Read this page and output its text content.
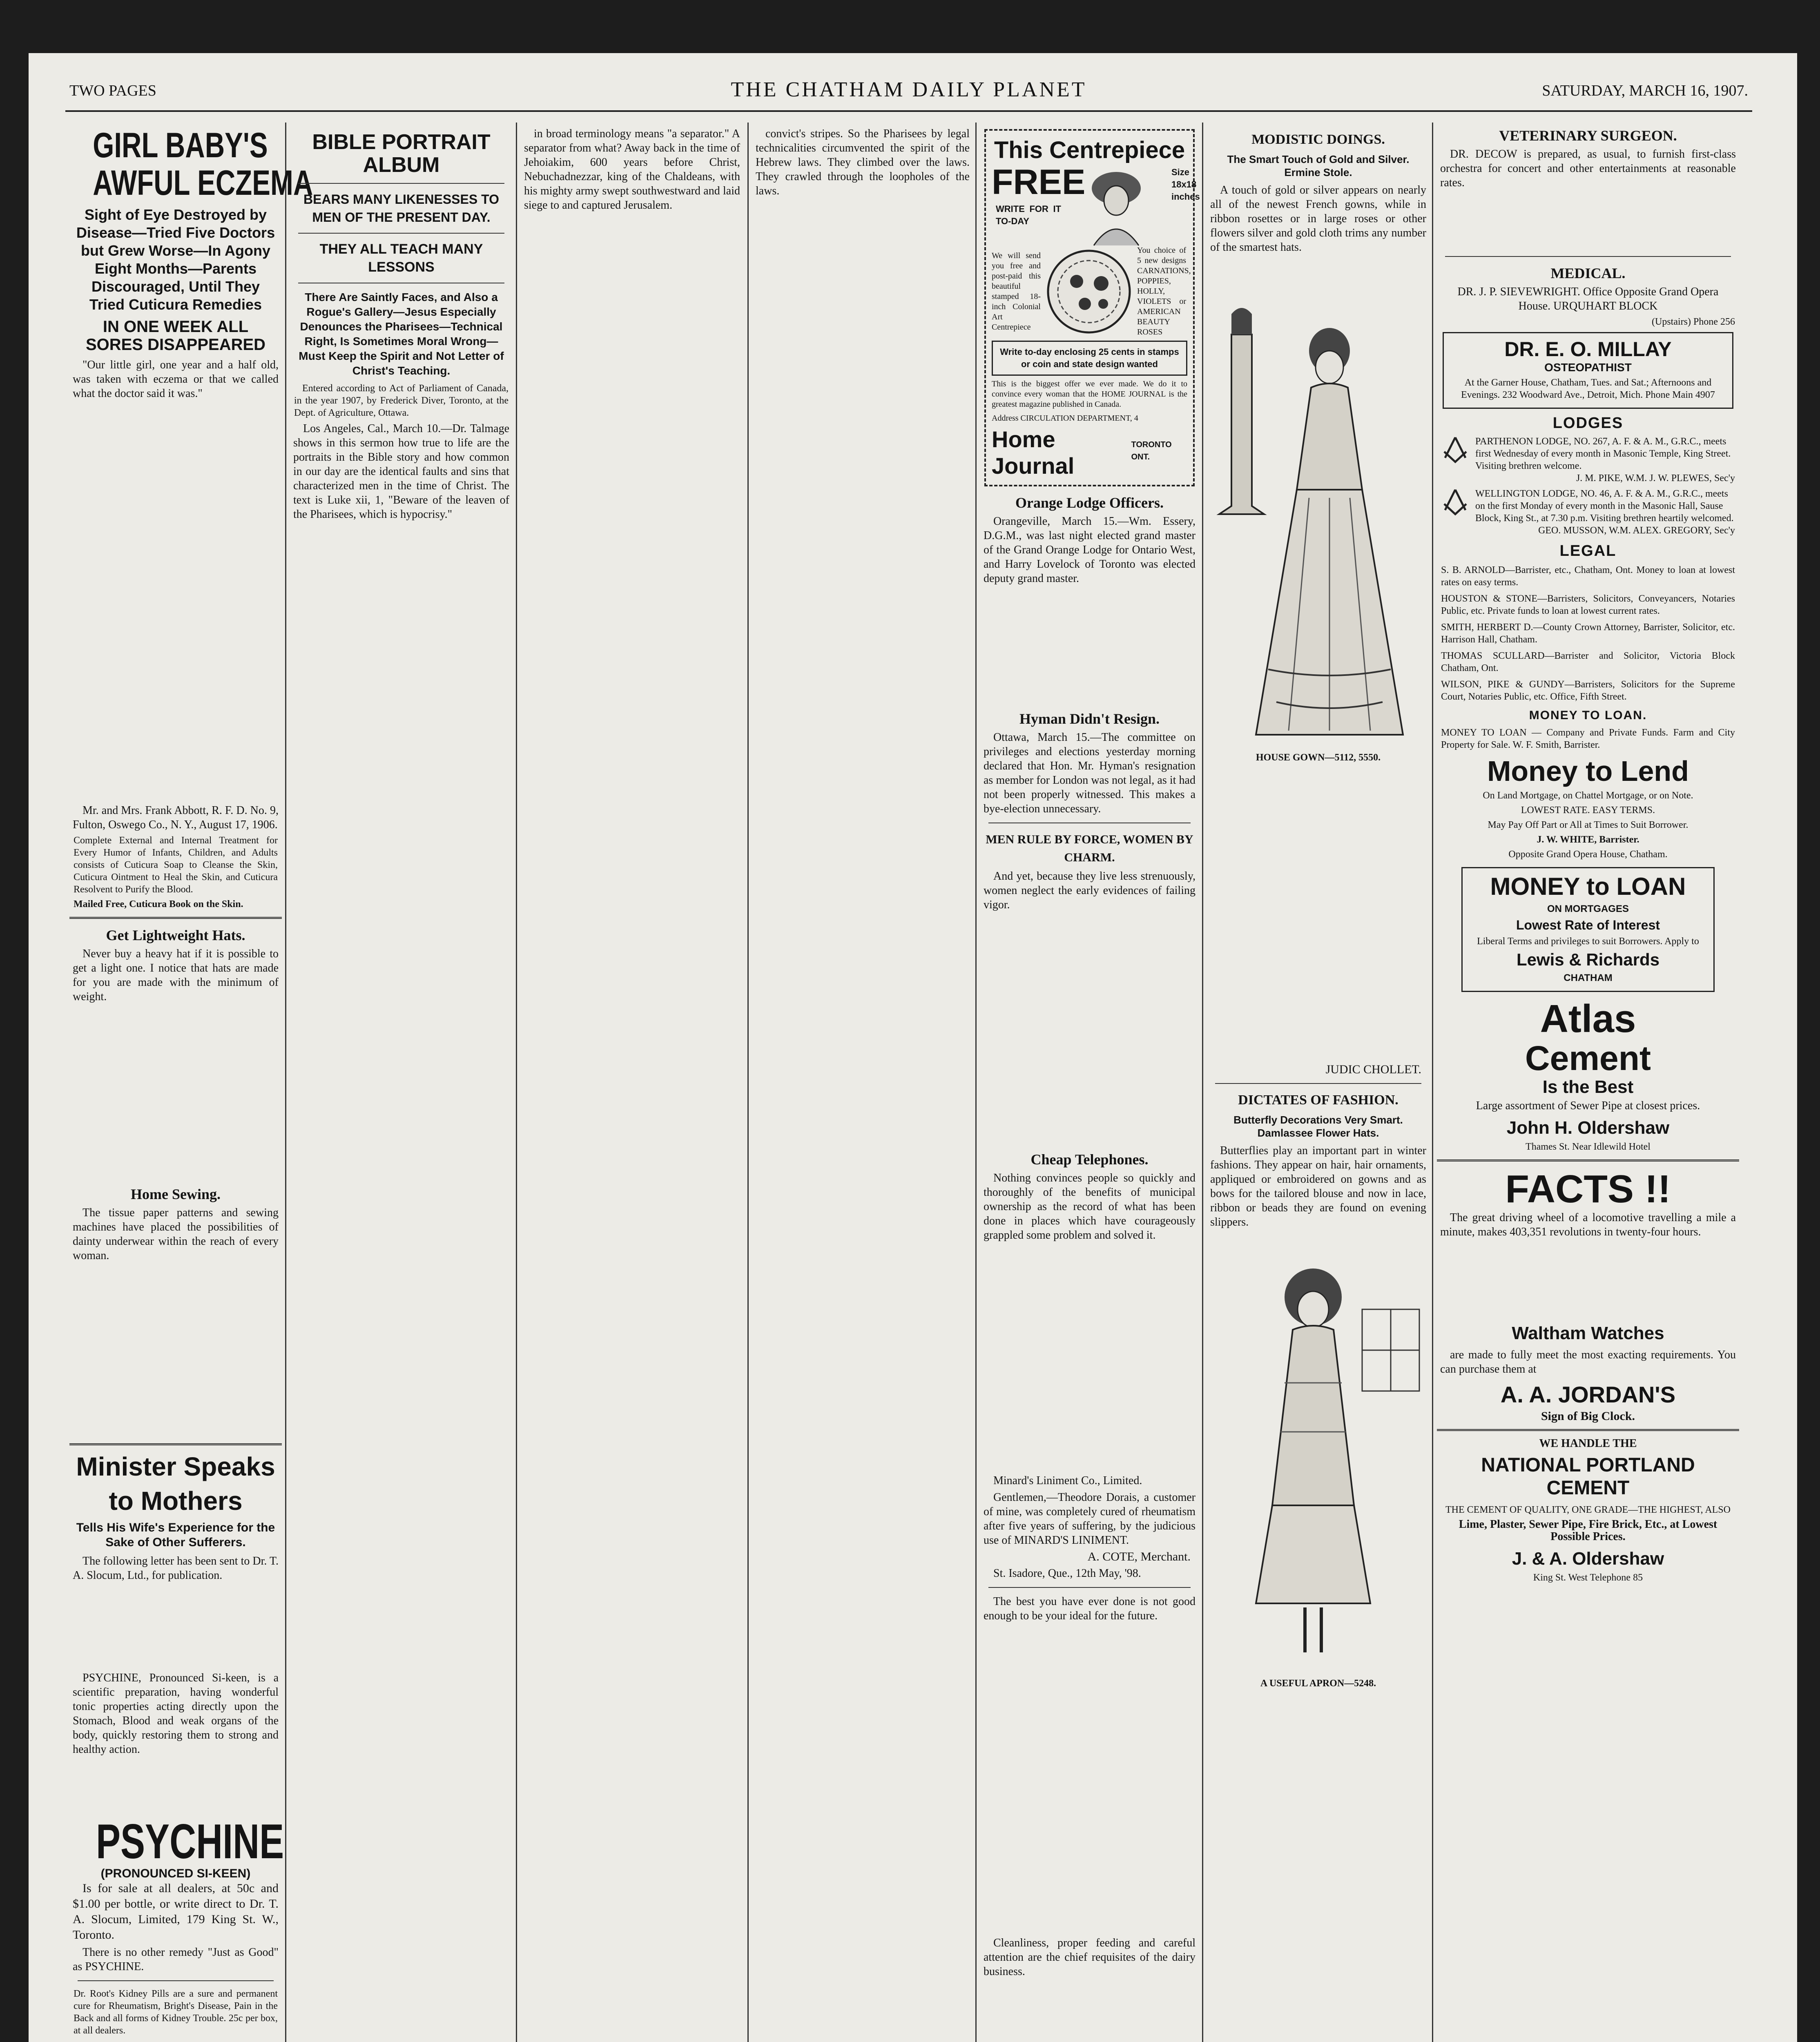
TWO PAGES	THE CHATHAM DAILY PLANET	SATURDAY, MARCH 16, 1907.
GIRL BABY'S
AWFUL ECZEMA
Sight of Eye Destroyed by Disease—Tried Five Doctors but Grew Worse—In Agony Eight Months—Parents Discouraged, Until They Tried Cuticura Remedies
IN ONE WEEK ALL SORES DISAPPEARED

"Our little girl, one year and a half old, was taken with eczema or that we called what the doctor said it was."

Mr. and Mrs. Frank Abbott, R. F. D. No. 9, Fulton, Oswego Co., N. Y., August 17, 1906.

Complete External and Internal Treatment for Every Humor of Infants, Children, and Adults consists of Cuticura Soap to Cleanse the Skin, Cuticura Ointment to Heal the Skin, and Cuticura Resolvent to Purify the Blood.

Mailed Free, Cuticura Book on the Skin.

Get Lightweight Hats.

Never buy a heavy hat if it is possible to get a light one. I notice that hats are made for you are made with the minimum of weight.

Home Sewing.

The tissue paper patterns and sewing machines have placed the possibilities of dainty underwear within the reach of every woman.

Minister Speaks
to Mothers
Tells His Wife's Experience for the Sake of Other Sufferers.

The following letter has been sent to Dr. T. A. Slocum, Ltd., for publication.

PSYCHINE, Pronounced Si-keen, is a scientific preparation, having wonderful tonic properties acting directly upon the Stomach, Blood and weak organs of the body, quickly restoring them to strong and healthy action.

PSYCHINE
(PRONOUNCED SI-KEEN)

Is for sale at all dealers, at 50c and $1.00 per bottle, or write direct to Dr. T. A. Slocum, Limited, 179 King St. W., Toronto.

There is no other remedy "Just as Good" as PSYCHINE.

Dr. Root's Kidney Pills are a sure and permanent cure for Rheumatism, Bright's Disease, Pain in the Back and all forms of Kidney Trouble. 25c per box, at all dealers.

BIBLE PORTRAIT ALBUM
BEARS MANY LIKENESSES TO MEN OF THE PRESENT DAY.
THEY ALL TEACH MANY LESSONS
There Are Saintly Faces, and Also a Rogue's Gallery—Jesus Especially Denounces the Pharisees—Technical Right, Is Sometimes Moral Wrong—Must Keep the Spirit and Not Letter of Christ's Teaching.

Entered according to Act of Parliament of Canada, in the year 1907, by Frederick Diver, Toronto, at the Dept. of Agriculture, Ottawa.

Los Angeles, Cal., March 10.—Dr. Talmage shows in this sermon how true to life are the portraits in the Bible story and how common in our day are the identical faults and sins that characterized men in the time of Christ. The text is Luke xii, 1, "Beware of the leaven of the Pharisees, which is hypocrisy."

in broad terminology means "a separator." A separator from what? Away back in the time of Jehoiakim, 600 years before Christ, Nebuchadnezzar, king of the Chaldeans, with his mighty army swept southwestward and laid siege to and captured Jerusalem.

convict's stripes. So the Pharisees by legal technicalities circumvented the spirit of the Hebrew laws. They climbed over the laws. They crawled through the loopholes of the laws.

This Centrepiece
FREE
WRITE FOR IT TO-DAY
Size 18x18 inches
We will send you free and post-paid this beautiful stamped 18-inch Colonial Art Centrepiece
You choice of 5 new designs CARNATIONS, POPPIES, HOLLY, VIOLETS or AMERICAN BEAUTY ROSES
Write to-day enclosing 25 cents in stamps or coin and state design wanted

This is the biggest offer we ever made. We do it to convince every woman that the HOME JOURNAL is the greatest magazine published in Canada.

Address CIRCULATION DEPARTMENT, 4
Home Journal
TORONTO ONT.
Orange Lodge Officers.

Orangeville, March 15.—Wm. Essery, D.G.M., was last night elected grand master of the Grand Orange Lodge for Ontario West, and Harry Lovelock of Toronto was elected deputy grand master.

Hyman Didn't Resign.

Ottawa, March 15.—The committee on privileges and elections yesterday morning declared that Hon. Mr. Hyman's resignation as member for London was not legal, as it had not been properly witnessed. This makes a bye-election unnecessary.

MEN RULE BY FORCE, WOMEN BY CHARM.

And yet, because they live less strenuously, women neglect the early evidences of failing vigor.

Cheap Telephones.

Nothing convinces people so quickly and thoroughly of the benefits of municipal ownership as the record of what has been done in places which have courageously grappled some problem and solved it.

Minard's Liniment Co., Limited.

Gentlemen,—Theodore Dorais, a customer of mine, was completely cured of rheumatism after five years of suffering, by the judicious use of MINARD'S LINIMENT.

A. COTE, Merchant.

St. Isadore, Que., 12th May, '98.

The best you have ever done is not good enough to be your ideal for the future.

Cleanliness, proper feeding and careful attention are the chief requisites of the dairy business.

MODISTIC DOINGS.
The Smart Touch of Gold and Silver. Ermine Stole.

A touch of gold or silver appears on nearly all of the newest French gowns, while in ribbon rosettes or in large roses or other flowers silver and gold cloth trims any number of the smartest hats.

HOUSE GOWN—5112, 5550.

JUDIC CHOLLET.

DICTATES OF FASHION.
Butterfly Decorations Very Smart. Damlassee Flower Hats.

Butterflies play an important part in winter fashions. They appear on hair, hair ornaments, appliqued or embroidered on gowns and as bows for the tailored blouse and now in lace, ribbon or beads they are found on evening slippers.

A USEFUL APRON—5248.

VETERINARY SURGEON.

DR. DECOW is prepared, as usual, to furnish first-class orchestra for concert and other entertainments at reasonable rates.

MEDICAL.

DR. J. P. SIEVEWRIGHT. Office Opposite Grand Opera House. URQUHART BLOCK

(Upstairs) Phone 256

DR. E. O. MILLAY
OSTEOPATHIST
At the Garner House, Chatham, Tues. and Sat.; Afternoons and Evenings. 232 Woodward Ave., Detroit, Mich. Phone Main 4907
LODGES
PARTHENON LODGE, NO. 267, A. F. & A. M., G.R.C., meets first Wednesday of every month in Masonic Temple, King Street. Visiting brethren welcome.
J. M. PIKE, W.M. J. W. PLEWES, Sec'y
WELLINGTON LODGE, NO. 46, A. F. & A. M., G.R.C., meets on the first Monday of every month in the Masonic Hall, Sause Block, King St., at 7.30 p.m. Visiting brethren heartily welcomed.
GEO. MUSSON, W.M. ALEX. GREGORY, Sec'y
LEGAL

S. B. ARNOLD—Barrister, etc., Chatham, Ont. Money to loan at lowest rates on easy terms.

HOUSTON & STONE—Barristers, Solicitors, Conveyancers, Notaries Public, etc. Private funds to loan at lowest current rates.

SMITH, HERBERT D.—County Crown Attorney, Barrister, Solicitor, etc. Harrison Hall, Chatham.

THOMAS SCULLARD—Barrister and Solicitor, Victoria Block Chatham, Ont.

WILSON, PIKE & GUNDY—Barristers, Solicitors for the Supreme Court, Notaries Public, etc. Office, Fifth Street.

MONEY TO LOAN.

MONEY TO LOAN — Company and Private Funds. Farm and City Property for Sale. W. F. Smith, Barrister.

Money to Lend

On Land Mortgage, on Chattel Mortgage, or on Note.

LOWEST RATE. EASY TERMS.

May Pay Off Part or All at Times to Suit Borrower.

J. W. WHITE, Barrister.

Opposite Grand Opera House, Chatham.

MONEY to LOAN
ON MORTGAGES
Lowest Rate of Interest
Liberal Terms and privileges to suit Borrowers. Apply to
Lewis & Richards
CHATHAM
Atlas
Cement
Is the Best

Large assortment of Sewer Pipe at closest prices.

John H. Oldershaw

Thames St. Near Idlewild Hotel

FACTS !!

The great driving wheel of a locomotive travelling a mile a minute, makes 403,351 revolutions in twenty-four hours.

Waltham Watches

are made to fully meet the most exacting requirements. You can purchase them at

A. A. JORDAN'S
Sign of Big Clock.
WE HANDLE THE
NATIONAL PORTLAND CEMENT

THE CEMENT OF QUALITY, ONE GRADE—THE HIGHEST, ALSO

Lime, Plaster, Sewer Pipe, Fire Brick, Etc., at Lowest Possible Prices.

J. & A. Oldershaw

King St. West Telephone 85
